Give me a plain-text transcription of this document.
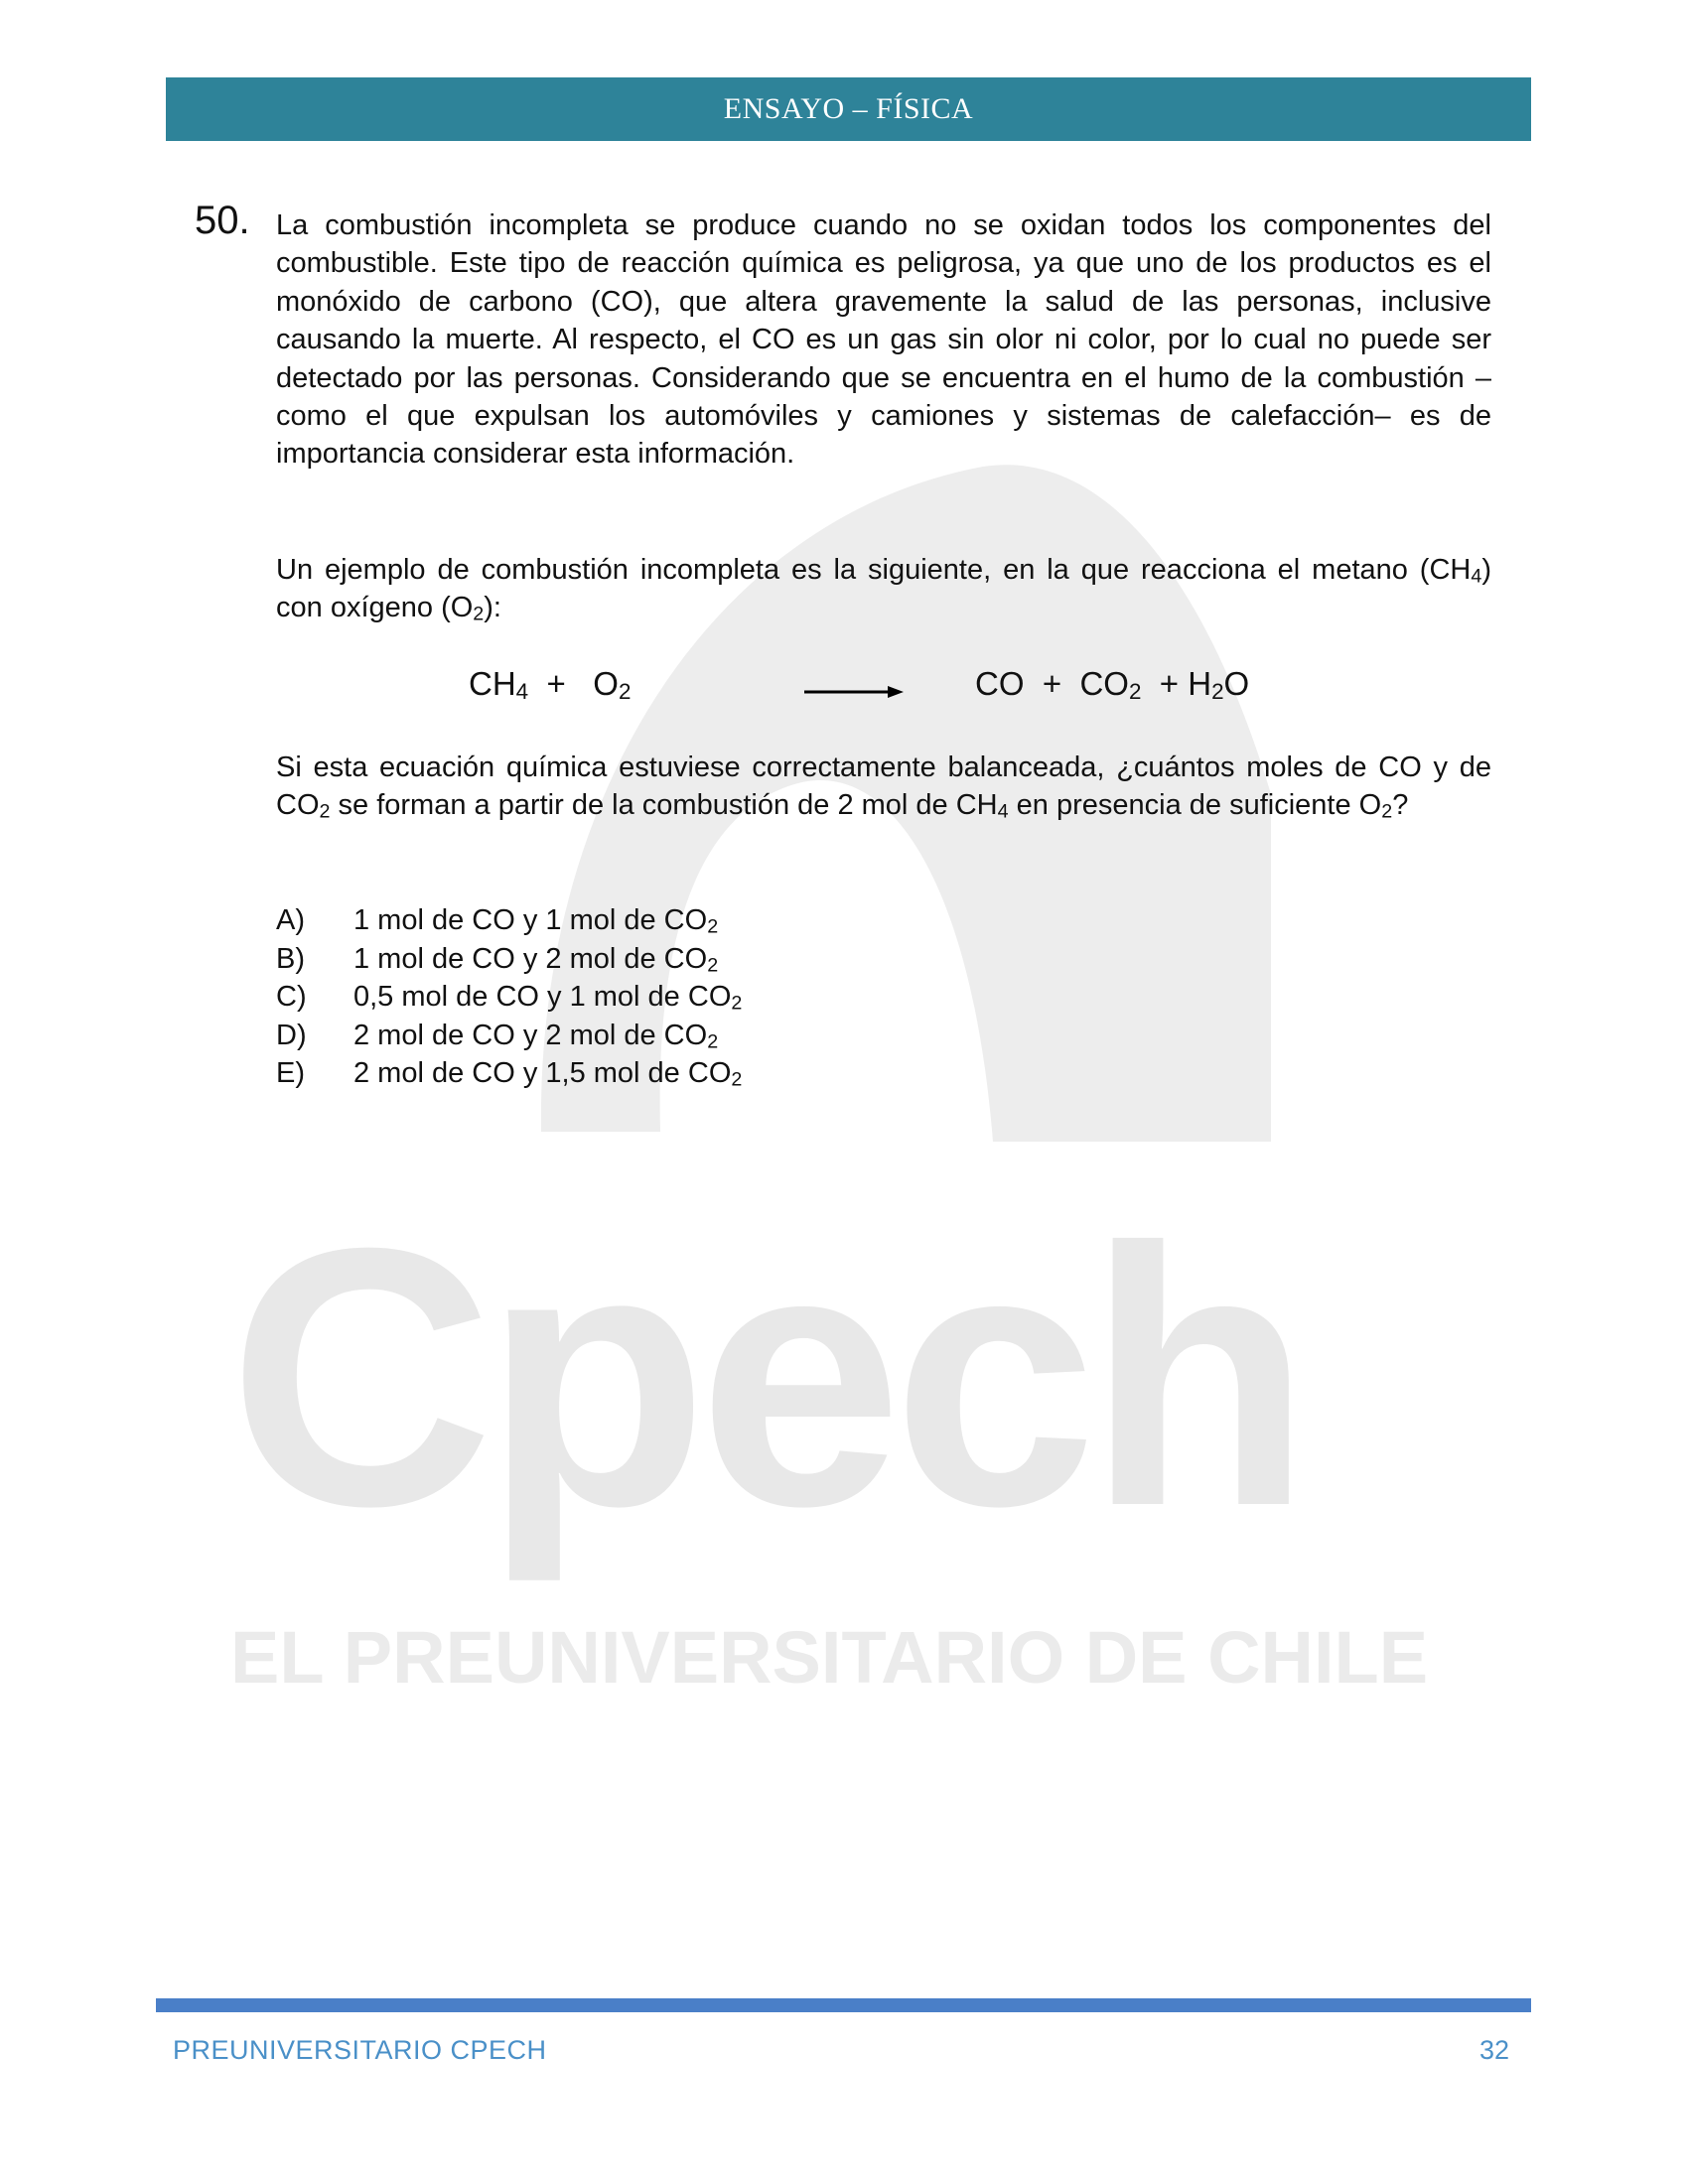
Cpech
EL PREUNIVERSITARIO DE CHILE
ENSAYO – FÍSICA
50. La combustión incompleta se produce cuando no se oxidan todos los componentes del combustible. Este tipo de reacción química es peligrosa, ya que uno de los productos es el monóxido de carbono (CO), que altera gravemente la salud de las personas, inclusive causando la muerte. Al respecto, el CO es un gas sin olor ni color, por lo cual no puede ser detectado por las personas. Considerando que se encuentra en el humo de la combustión –como el que expulsan los automóviles y camiones y sistemas de calefacción– es de importancia considerar esta información.
Un ejemplo de combustión incompleta es la siguiente, en la que reacciona el metano $(CH_4)$ con oxígeno $(O_2)$:
$CH_4 + O_2$	CO  +  $CO_2 + H_2O$
Si esta ecuación química estuviese correctamente balanceada, ¿cuántos moles de CO y de $CO_2$ se forman a partir de la combustión de 2 mol de $CH_4$ en presencia de suficiente $O_2$?
A)	1 mol de CO y 1 mol de $CO_2$
B)	1 mol de CO y 2 mol de $CO_2$
C)	0,5 mol de CO y 1 mol de $CO_2$
D)	2 mol de CO y 2 mol de $CO_2$
E)	2 mol de CO y 1,5 mol de $CO_2$
PREUNIVERSITARIO CPECH	32
